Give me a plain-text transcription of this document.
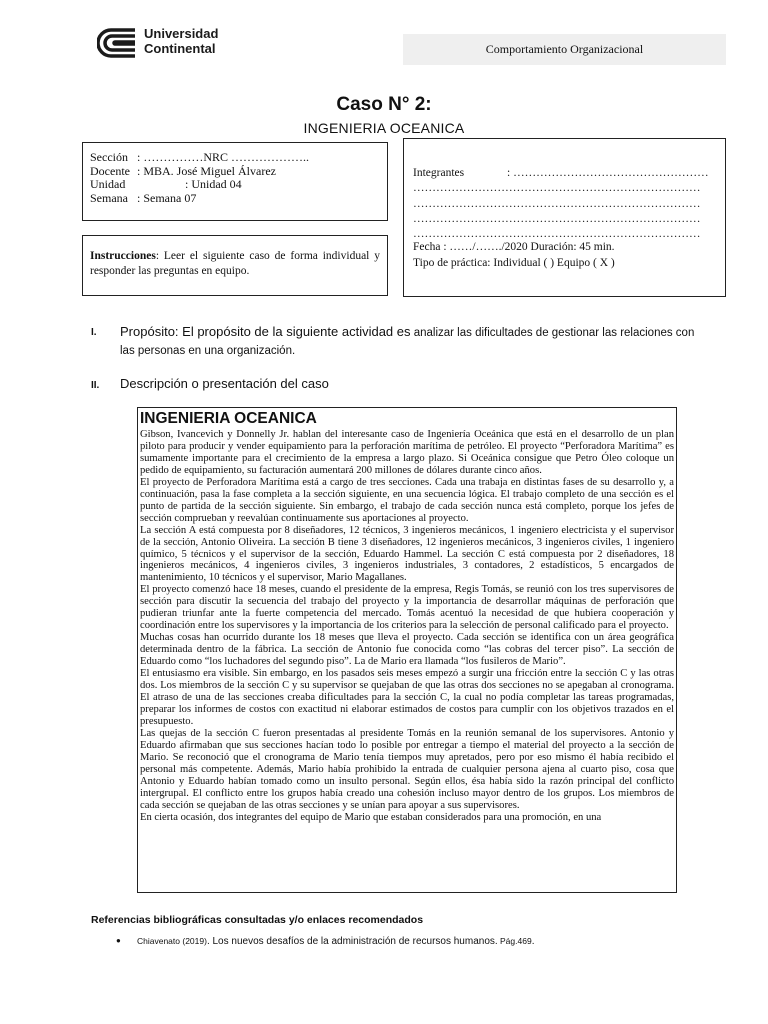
Universidad
Continental	Comportamiento Organizacional
Caso N° 2:
INGENIERIA OCEANICA
Sección : ……………NRC ………………..
Docente : MBA. José Miguel Álvarez
Unidad	: Unidad 04
Semana : Semana 07
Instrucciones: Leer el siguiente caso de forma individual y responder las preguntas en equipo.
Integrantes	: ……………………………………………
…………………………………………………………………
…………………………………………………………………
…………………………………………………………………
…………………………………………………………………
Fecha : ……/……./2020 Duración: 45 min.
Tipo de práctica: Individual ( ) Equipo ( X )
I. Propósito: El propósito de la siguiente actividad es analizar las dificultades de gestionar las relaciones con las personas en una organización.
II. Descripción o presentación del caso
INGENIERIA OCEANICA

Gibson, Ivancevich y Donnelly Jr. hablan del interesante caso de Ingeniería Oceánica que está en el desarrollo de un plan piloto para producir y vender equipamiento para la perforación marítima de petróleo. El proyecto “Perforadora Marítima” es sumamente importante para el crecimiento de la empresa a largo plazo. Si Oceánica consigue que Petro Óleo coloque un pedido de equipamiento, su facturación aumentará 200 millones de dólares durante cinco años.

El proyecto de Perforadora Marítima está a cargo de tres secciones. Cada una trabaja en distintas fases de su desarrollo y, a continuación, pasa la fase completa a la sección siguiente, en una secuencia lógica. El trabajo completo de una sección es el punto de partida de la sección siguiente. Sin embargo, el trabajo de cada sección nunca está completo, porque los jefes de sección comprueban y reevalúan continuamente sus aportaciones al proyecto.

La sección A está compuesta por 8 diseñadores, 12 técnicos, 3 ingenieros mecánicos, 1 ingeniero electricista y el supervisor de la sección, Antonio Oliveira. La sección B tiene 3 diseñadores, 12 ingenieros mecánicos, 3 ingenieros civiles, 1 ingeniero químico, 5 técnicos y el supervisor de la sección, Eduardo Hammel. La sección C está compuesta por 2 diseñadores, 18 ingenieros mecánicos, 4 ingenieros civiles, 3 ingenieros industriales, 3 contadores, 2 estadísticos, 5 encargados de mantenimiento, 10 técnicos y el supervisor, Mario Magallanes.

El proyecto comenzó hace 18 meses, cuando el presidente de la empresa, Regis Tomás, se reunió con los tres supervisores de sección para discutir la secuencia del trabajo del proyecto y la importancia de desarrollar máquinas de perforación que pudieran triunfar ante la fuerte competencia del mercado. Tomás acentuó la necesidad de que hubiera cooperación y coordinación entre los supervisores y la importancia de los criterios para la selección de personal calificado para el proyecto.

Muchas cosas han ocurrido durante los 18 meses que lleva el proyecto. Cada sección se identifica con un área geográfica determinada dentro de la fábrica. La sección de Antonio fue conocida como “las cobras del tercer piso”. La sección de Eduardo como “los luchadores del segundo piso”. La de Mario era llamada “los fusileros de Mario”.

El entusiasmo era visible. Sin embargo, en los pasados seis meses empezó a surgir una fricción entre la sección C y las otras dos. Los miembros de la sección C y su supervisor se quejaban de que las otras dos secciones no se apegaban al cronograma. El atraso de una de las secciones creaba dificultades para la sección C, la cual no podía completar las tareas programadas, preparar los informes de costos con exactitud ni elaborar estimados de costos para cumplir con los objetivos trazados en el presupuesto.

Las quejas de la sección C fueron presentadas al presidente Tomás en la reunión semanal de los supervisores. Antonio y Eduardo afirmaban que sus secciones hacían todo lo posible por entregar a tiempo el material del proyecto a la sección de Mario. Se reconoció que el cronograma de Mario tenía tiempos muy apretados, pero por eso mismo él había recibido el personal más competente. Además, Mario había prohibido la entrada de cualquier persona ajena al cuarto piso, cosa que Antonio y Eduardo habían tomado como un insulto personal. Según ellos, ésa había sido la razón principal del conflicto intergrupal. El conflicto entre los grupos había creado una cohesión incluso mayor dentro de los grupos. Los miembros de cada sección se quejaban de las otras secciones y se unían para apoyar a sus supervisores.

En cierta ocasión, dos integrantes del equipo de Mario que estaban considerados para una promoción, en una

Referencias bibliográficas consultadas y/o enlaces recomendados
● Chiavenato (2019). Los nuevos desafíos de la administración de recursos humanos. Pág.469.
